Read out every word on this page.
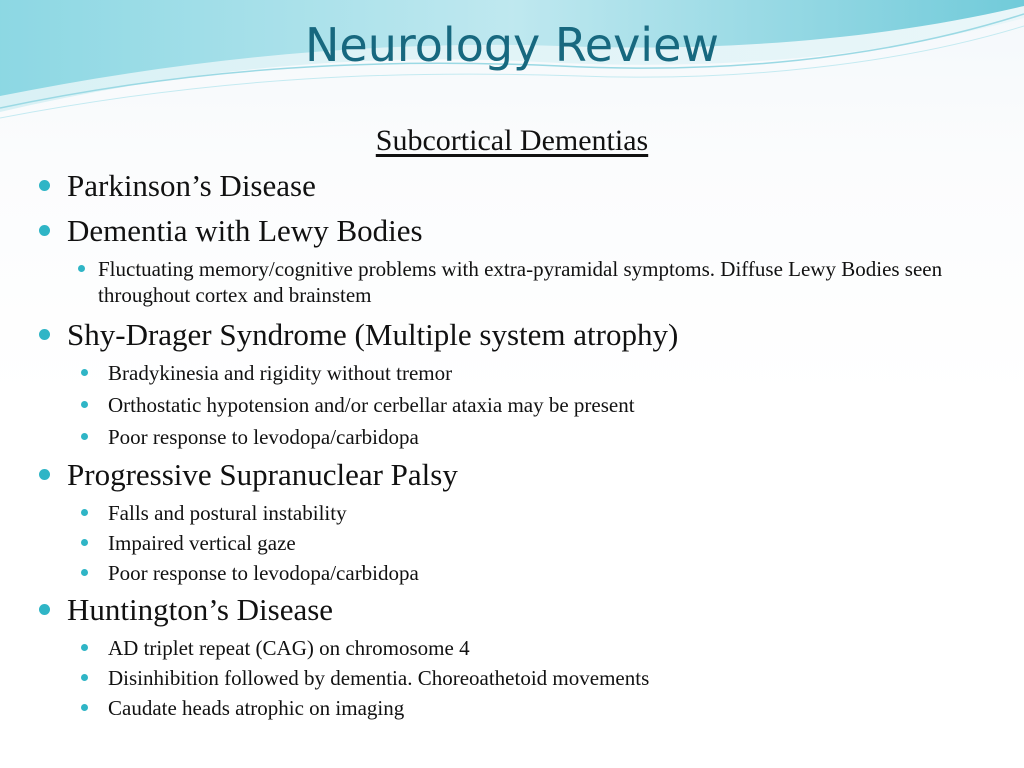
Neurology Review
Subcortical Dementias
Parkinson’s Disease
Dementia with Lewy Bodies
Fluctuating memory/cognitive problems with extra-pyramidal symptoms. Diffuse Lewy Bodies seen throughout cortex and brainstem
Shy-Drager Syndrome (Multiple system atrophy)
Bradykinesia and rigidity without tremor
Orthostatic hypotension and/or cerbellar ataxia may be present
Poor response to levodopa/carbidopa
Progressive Supranuclear Palsy
Falls and postural instability
Impaired vertical gaze
Poor response to levodopa/carbidopa
Huntington’s Disease
AD triplet repeat (CAG) on chromosome 4
Disinhibition followed by dementia. Choreoathetoid movements
Caudate heads atrophic on imaging
